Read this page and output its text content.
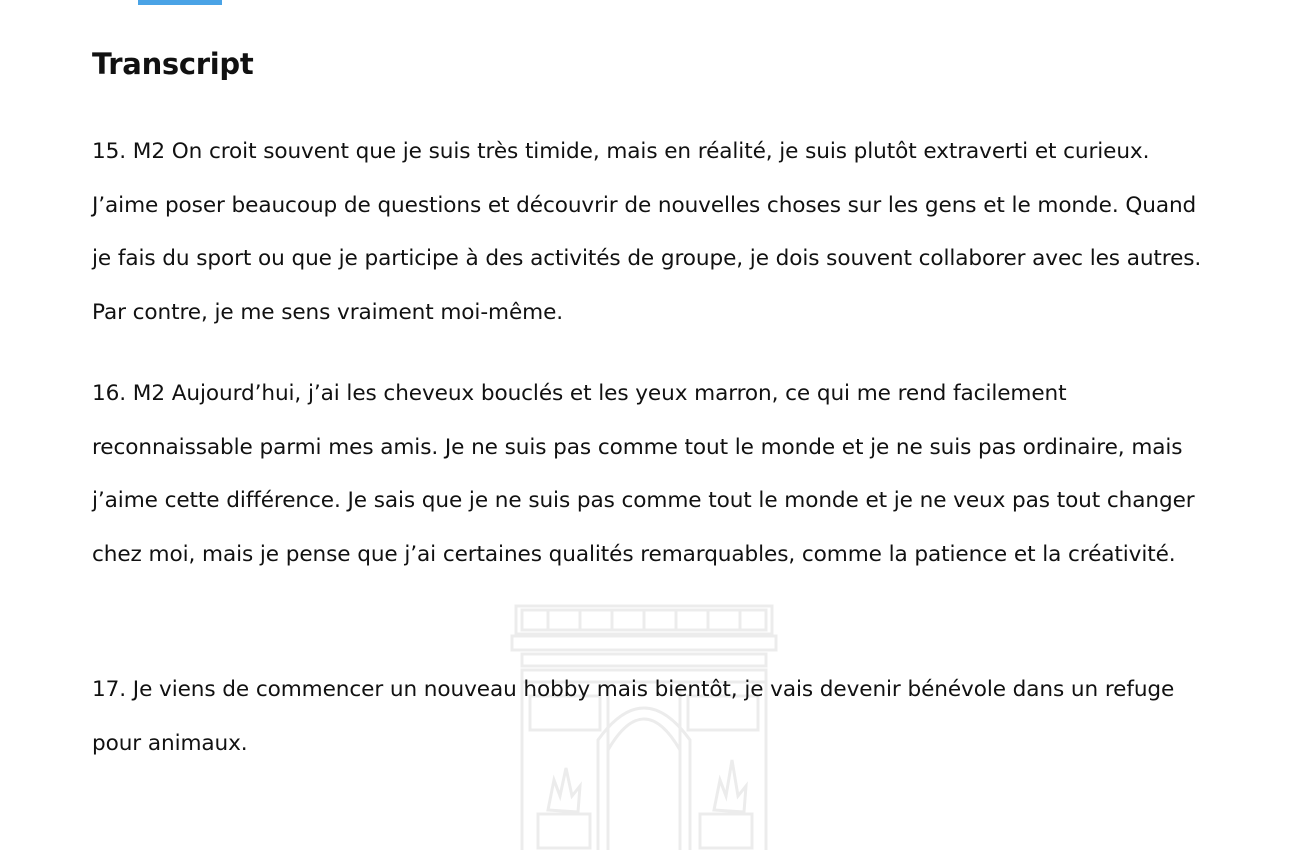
Transcript

15. M2 On croit souvent que je suis très timide, mais en réalité, je suis plutôt extraverti et curieux. J’aime poser beaucoup de questions et découvrir de nouvelles choses sur les gens et le monde. Quand je fais du sport ou que je participe à des activités de groupe, je dois souvent collaborer avec les autres. Par contre, je me sens vraiment moi-même.

16. M2 Aujourd’hui, j’ai les cheveux bouclés et les yeux marron, ce qui me rend facilement reconnaissable parmi mes amis. Je ne suis pas comme tout le monde et je ne suis pas ordinaire, mais j’aime cette différence. Je sais que je ne suis pas comme tout le monde et je ne veux pas tout changer chez moi, mais je pense que j’ai certaines qualités remarquables, comme la patience et la créativité.

17. Je viens de commencer un nouveau hobby mais bientôt, je vais devenir bénévole dans un refuge pour animaux.
